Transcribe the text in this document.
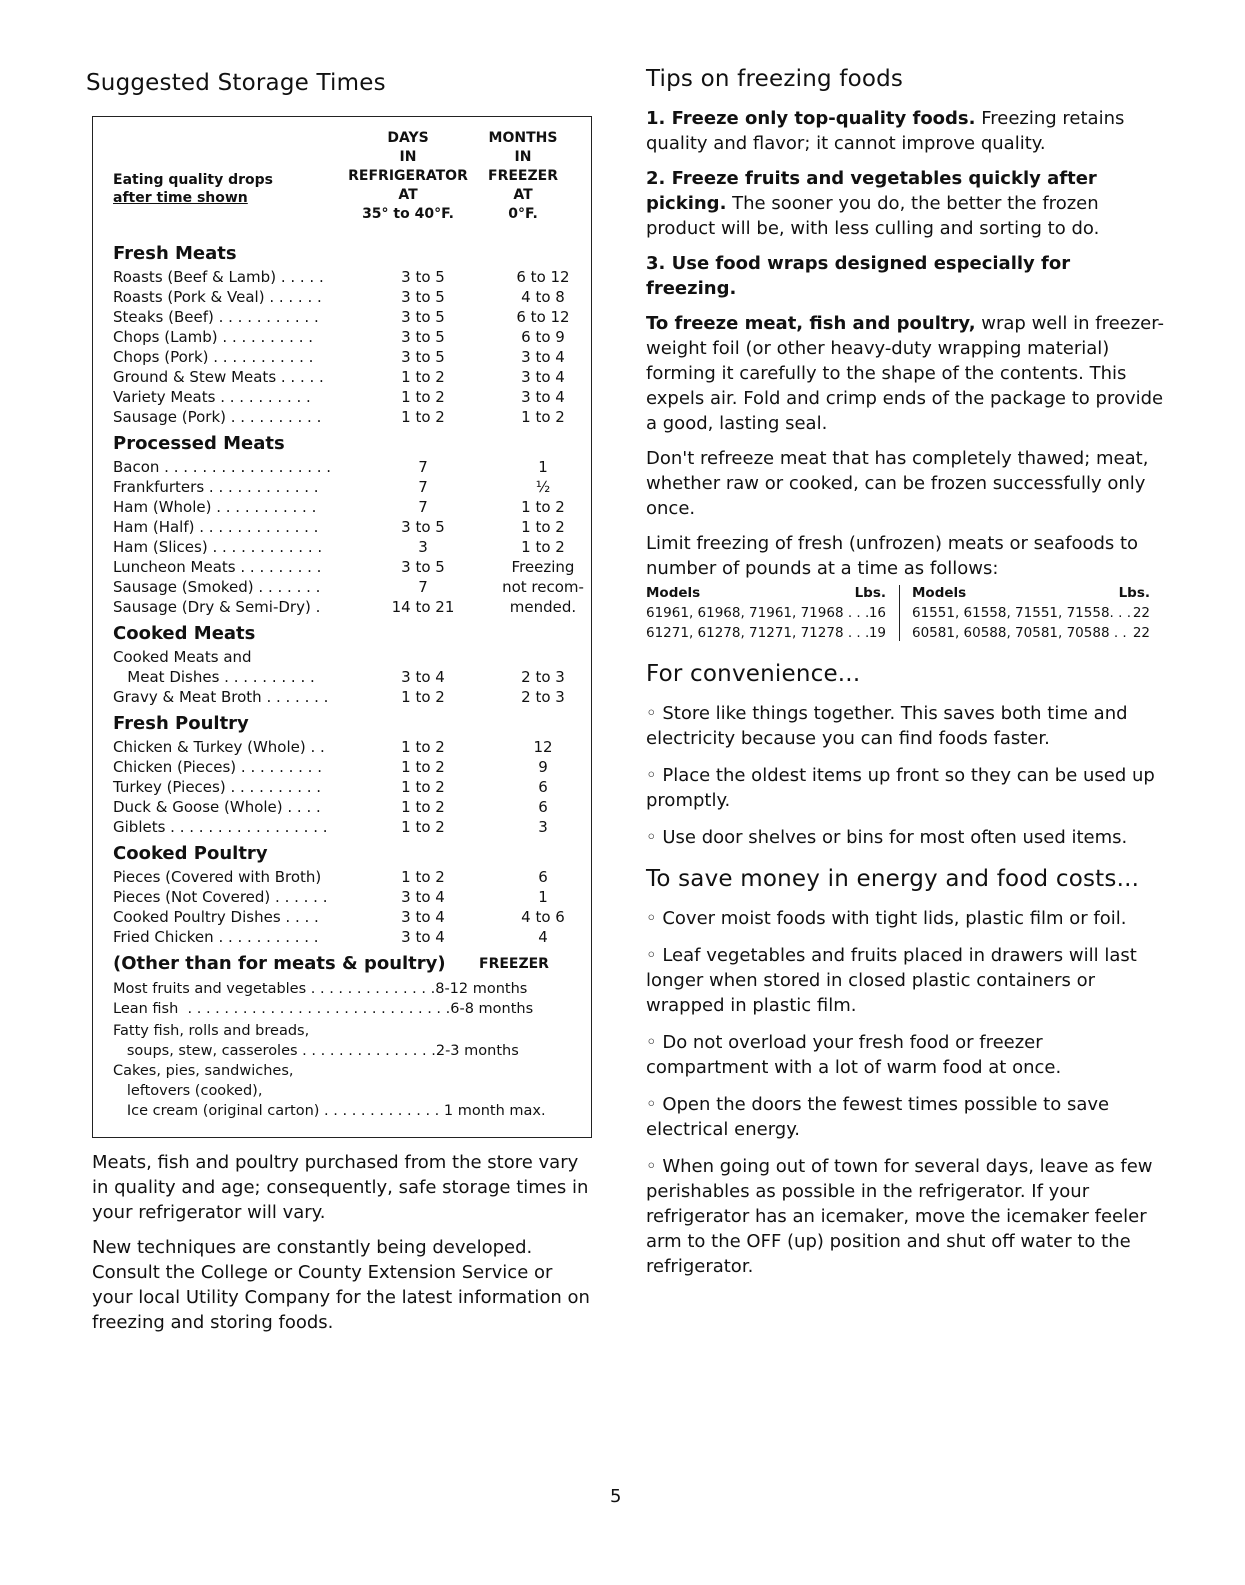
Suggested Storage Times
DAYS
IN
REFRIGERATOR
AT
35° to 40°F.
MONTHS
IN
FREEZER
AT
0°F.
Eating quality drops
after time shown
Fresh Meats
Roasts (Beef & Lamb) . . . . .	3 to 5	6 to 12
Roasts (Pork & Veal) . . . . . .	3 to 5	4 to 8
Steaks (Beef) . . . . . . . . . . .	3 to 5	6 to 12
Chops (Lamb) . . . . . . . . . .	3 to 5	6 to 9
Chops (Pork) . . . . . . . . . . .	3 to 5	3 to 4
Ground & Stew Meats . . . . .	1 to 2	3 to 4
Variety Meats . . . . . . . . . .	1 to 2	3 to 4
Sausage (Pork) . . . . . . . . . .	1 to 2	1 to 2
Processed Meats
Bacon . . . . . . . . . . . . . . . . . .	7	1
Frankfurters . . . . . . . . . . . .	7	½
Ham (Whole) . . . . . . . . . . .	7	1 to 2
Ham (Half) . . . . . . . . . . . . .	3 to 5	1 to 2
Ham (Slices) . . . . . . . . . . . .	3	1 to 2
Luncheon Meats . . . . . . . . .	3 to 5	Freezing
Sausage (Smoked) . . . . . . .	7	not recom-
Sausage (Dry & Semi-Dry) .	14 to 21	mended.
Cooked Meats
Cooked Meats and
Meat Dishes . . . . . . . . . .	3 to 4	2 to 3
Gravy & Meat Broth . . . . . . .	1 to 2	2 to 3
Fresh Poultry
Chicken & Turkey (Whole) . .	1 to 2	12
Chicken (Pieces) . . . . . . . . .	1 to 2	9
Turkey (Pieces) . . . . . . . . . .	1 to 2	6
Duck & Goose (Whole) . . . .	1 to 2	6
Giblets . . . . . . . . . . . . . . . . .	1 to 2	3
Cooked Poultry
Pieces (Covered with Broth)	1 to 2	6
Pieces (Not Covered) . . . . . .	3 to 4	1
Cooked Poultry Dishes . . . .	3 to 4	4 to 6
Fried Chicken . . . . . . . . . . .	3 to 4	4
(Other than for meats & poultry) FREEZER
Most fruits and vegetables . . . . . . . . . . . . . .8-12 months
Lean fish  . . . . . . . . . . . . . . . . . . . . . . . . . . . . .6-8 months
Fatty fish, rolls and breads,
soups, stew, casseroles . . . . . . . . . . . . . . .2-3 months
Cakes, pies, sandwiches,
leftovers (cooked),
Ice cream (original carton) . . . . . . . . . . . . . 1 month max.

Meats, fish and poultry purchased from the store vary in quality and age; consequently, safe storage times in your refrigerator will vary.

New techniques are constantly being developed. Consult the College or County Extension Service or your local Utility Company for the latest information on freezing and storing foods.

Tips on freezing foods

1. Freeze only top-quality foods. Freezing retains quality and flavor; it cannot improve quality.

2. Freeze fruits and vegetables quickly after picking. The sooner you do, the better the frozen product will be, with less culling and sorting to do.

3. Use food wraps designed especially for freezing.

To freeze meat, fish and poultry, wrap well in freezer-weight foil (or other heavy-duty wrapping material) forming it carefully to the shape of the contents. This expels air. Fold and crimp ends of the package to provide a good, lasting seal.

Don't refreeze meat that has completely thawed; meat, whether raw or cooked, can be frozen successfully only once.

Limit freezing of fresh (unfrozen) meats or seafoods to number of pounds at a time as follows:

Models	Lbs.
61961, 61968, 71961, 71968 . . . 16
61271, 61278, 71271, 71278 . . . 19
Models	Lbs.
61551, 61558, 71551, 71558. . . 22
60581, 60588, 70581, 70588 . . 22
For convenience...

◦ Store like things together. This saves both time and electricity because you can find foods faster.

◦ Place the oldest items up front so they can be used up promptly.

◦ Use door shelves or bins for most often used items.

To save money in energy and food costs...

◦ Cover moist foods with tight lids, plastic film or foil.

◦ Leaf vegetables and fruits placed in drawers will last longer when stored in closed plastic containers or wrapped in plastic film.

◦ Do not overload your fresh food or freezer compartment with a lot of warm food at once.

◦ Open the doors the fewest times possible to save electrical energy.

◦ When going out of town for several days, leave as few perishables as possible in the refrigerator. If your refrigerator has an icemaker, move the icemaker feeler arm to the OFF (up) position and shut off water to the refrigerator.

5
